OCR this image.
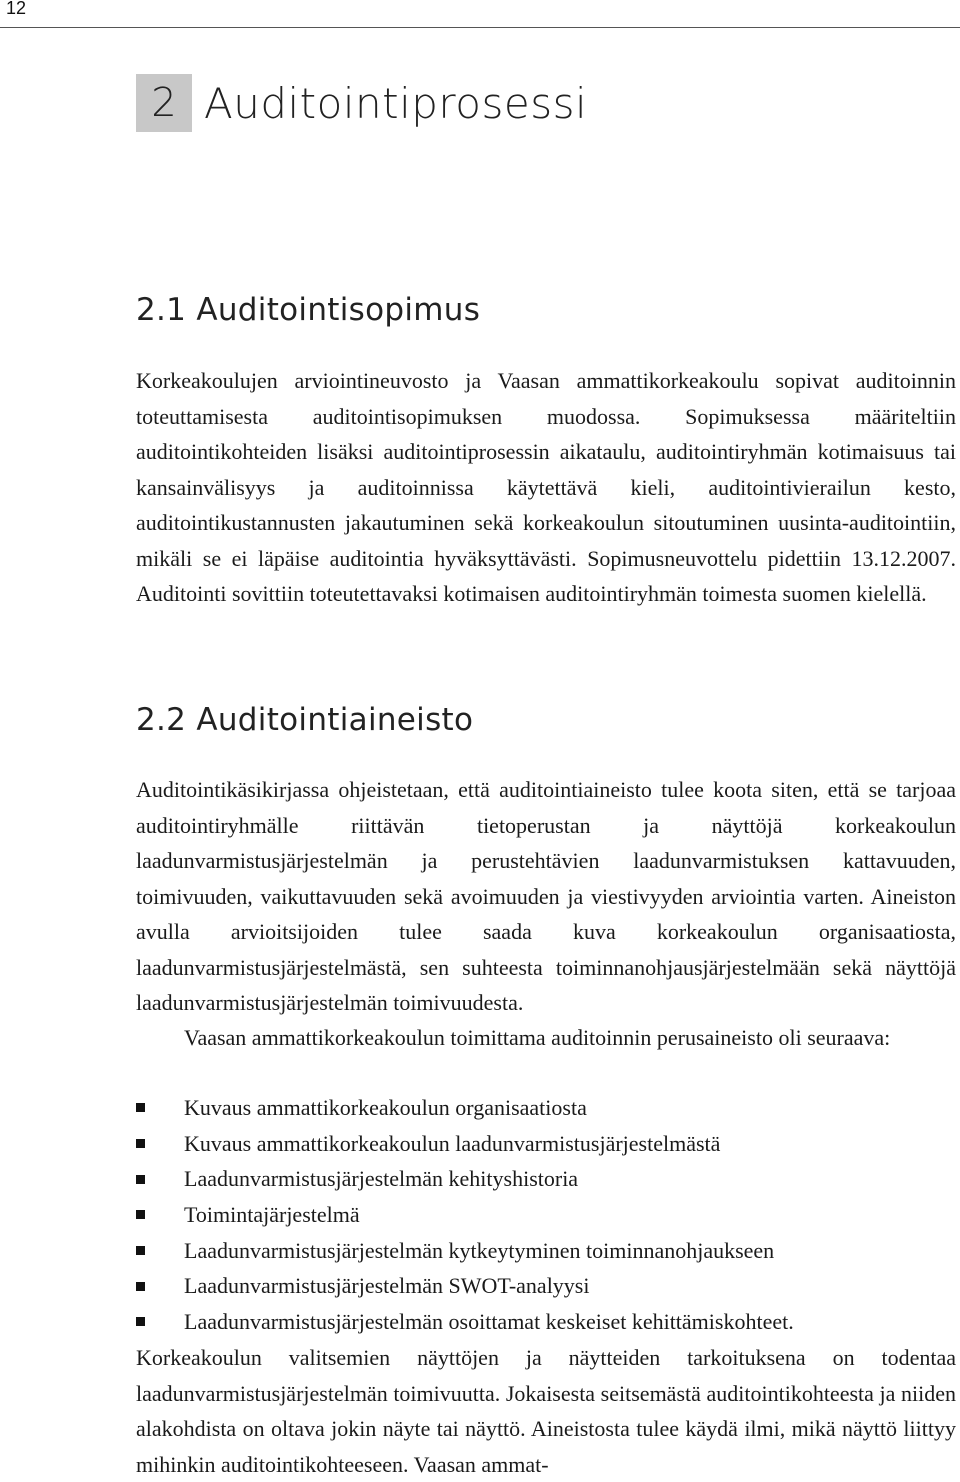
12
2 Auditointiprosessi
2.1 Auditointisopimus

Korkeakoulujen arviointineuvosto ja Vaasan ammattikorkeakoulu sopivat auditoinnin toteuttamisesta auditointisopimuksen muodossa. Sopimuksessa määriteltiin auditointikohteiden lisäksi auditointiprosessin aikataulu, auditointiryhmän kotimaisuus tai kansainvälisyys ja auditoinnissa käytettävä kieli, auditointivierailun kesto, auditointikustannusten jakautuminen sekä korkeakoulun sitoutuminen uusinta-auditointiin, mikäli se ei läpäise auditointia hyväksyttävästi. Sopimusneuvottelu pidettiin 13.12.2007. Auditointi sovittiin toteutettavaksi kotimaisen auditointiryhmän toimesta suomen kielellä.

2.2 Auditointiaineisto

Auditointikäsikirjassa ohjeistetaan, että auditointiaineisto tulee koota siten, että se tarjoaa auditointiryhmälle riittävän tietoperustan ja näyttöjä korkeakoulun laadunvarmistusjärjestelmän ja perustehtävien laadunvarmistuksen kattavuuden, toimivuuden, vaikuttavuuden sekä avoimuuden ja viestivyyden arviointia varten. Aineiston avulla arvioitsijoiden tulee saada kuva korkeakoulun organisaatiosta, laadunvarmistusjärjestelmästä, sen suhteesta toiminnanohjausjärjestelmään sekä näyttöjä laadunvarmistusjärjestelmän toimivuudesta.

Vaasan ammattikorkeakoulun toimittama auditoinnin perusaineisto oli seuraava:

Kuvaus ammattikorkeakoulun organisaatiosta
Kuvaus ammattikorkeakoulun laadunvarmistusjärjestelmästä
Laadunvarmistusjärjestelmän kehityshistoria
Toimintajärjestelmä
Laadunvarmistusjärjestelmän kytkeytyminen toiminnanohjaukseen
Laadunvarmistusjärjestelmän SWOT-analyysi
Laadunvarmistusjärjestelmän osoittamat keskeiset kehittämiskohteet.

Korkeakoulun valitsemien näyttöjen ja näytteiden tarkoituksena on todentaa laadunvarmistusjärjestelmän toimivuutta. Jokaisesta seitsemästä auditointikohteesta ja niiden alakohdista on oltava jokin näyte tai näyttö. Aineistosta tulee käydä ilmi, mikä näyttö liittyy mihinkin auditointikohteeseen. Vaasan ammat-
